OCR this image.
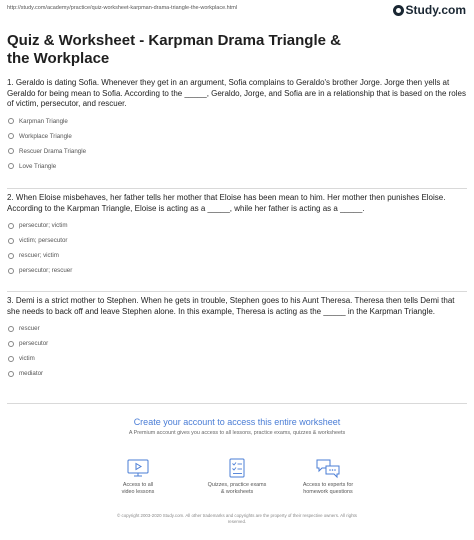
http://study.com/academy/practice/quiz-worksheet-karpman-drama-triangle-the-workplace.html	Study.com
Quiz & Worksheet - Karpman Drama Triangle & the Workplace
1. Geraldo is dating Sofia. Whenever they get in an argument, Sofia complains to Geraldo's brother Jorge. Jorge then yells at Geraldo for being mean to Sofia. According to the _____, Geraldo, Jorge, and Sofia are in a relationship that is based on the roles of victim, persecutor, and rescuer.
Karpman Triangle
Workplace Triangle
Rescuer Drama Triangle
Love Triangle
2. When Eloise misbehaves, her father tells her mother that Eloise has been mean to him. Her mother then punishes Eloise. According to the Karpman Triangle, Eloise is acting as a _____, while her father is acting as a _____.
persecutor; victim
victim; persecutor
rescuer; victim
persecutor; rescuer
3. Demi is a strict mother to Stephen. When he gets in trouble, Stephen goes to his Aunt Theresa. Theresa then tells Demi that she needs to back off and leave Stephen alone. In this example, Theresa is acting as the _____ in the Karpman Triangle.
rescuer
persecutor
victim
mediator
Create your account to access this entire worksheet
A Premium account gives you access to all lessons, practice exams, quizzes & worksheets
Access to all
video lessons
Quizzes, practice exams
& worksheets
Access to experts for
homework questions
© copyright 2003-2020 Study.com. All other trademarks and copyrights are the property of their respective owners. All rights
reserved.
